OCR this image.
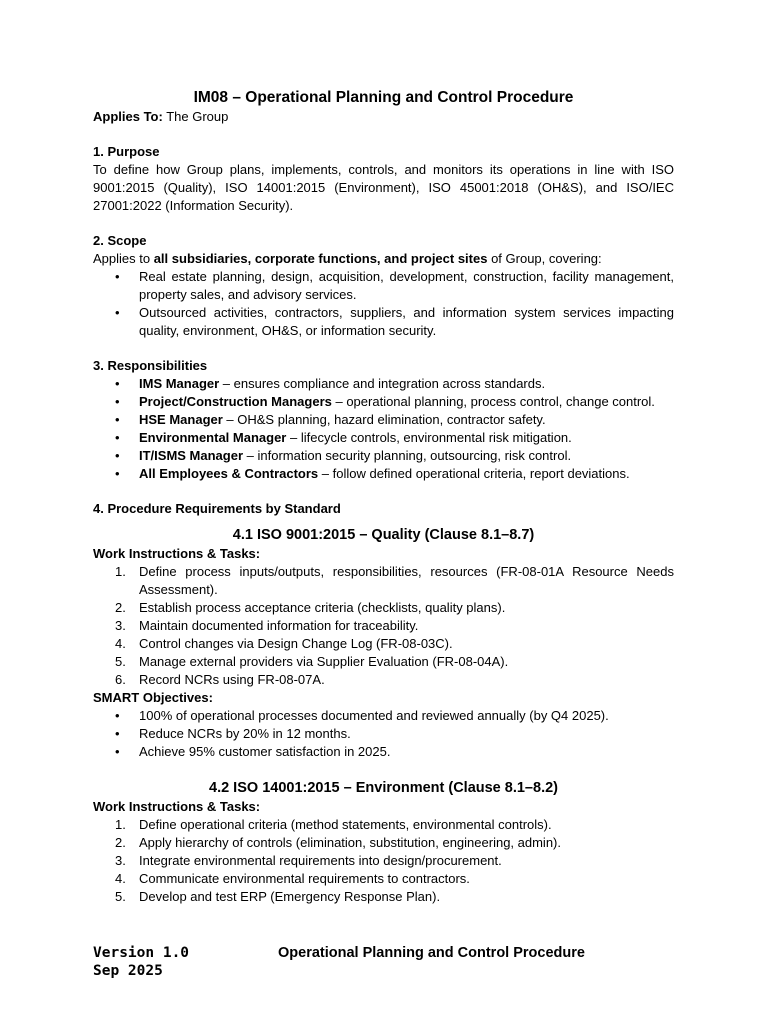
IM08 – Operational Planning and Control Procedure

Applies To: The Group

1. Purpose

To define how Group plans, implements, controls, and monitors its operations in line with ISO 9001:2015 (Quality), ISO 14001:2015 (Environment), ISO 45001:2018 (OH&S), and ISO/IEC 27001:2022 (Information Security).

2. Scope

Applies to all subsidiaries, corporate functions, and project sites of Group, covering:

• Real estate planning, design, acquisition, development, construction, facility management, property sales, and advisory services.
• Outsourced activities, contractors, suppliers, and information system services impacting quality, environment, OH&S, or information security.

3. Responsibilities

• IMS Manager – ensures compliance and integration across standards.
• Project/Construction Managers – operational planning, process control, change control.
• HSE Manager – OH&S planning, hazard elimination, contractor safety.
• Environmental Manager – lifecycle controls, environmental risk mitigation.
• IT/ISMS Manager – information security planning, outsourcing, risk control.
• All Employees & Contractors – follow defined operational criteria, report deviations.

4. Procedure Requirements by Standard

4.1 ISO 9001:2015 – Quality (Clause 8.1–8.7)

Work Instructions & Tasks:

1. Define process inputs/outputs, responsibilities, resources (FR-08-01A Resource Needs Assessment).
2. Establish process acceptance criteria (checklists, quality plans).
3. Maintain documented information for traceability.
4. Control changes via Design Change Log (FR-08-03C).
5. Manage external providers via Supplier Evaluation (FR-08-04A).
6. Record NCRs using FR-08-07A.

SMART Objectives:

• 100% of operational processes documented and reviewed annually (by Q4 2025).
• Reduce NCRs by 20% in 12 months.
• Achieve 95% customer satisfaction in 2025.
4.2 ISO 14001:2015 – Environment (Clause 8.1–8.2)

Work Instructions & Tasks:

1. Define operational criteria (method statements, environmental controls).
2. Apply hierarchy of controls (elimination, substitution, engineering, admin).
3. Integrate environmental requirements into design/procurement.
4. Communicate environmental requirements to contractors.
5. Develop and test ERP (Emergency Response Plan).
Version 1.0
Sep 2025
Operational Planning and Control Procedure
